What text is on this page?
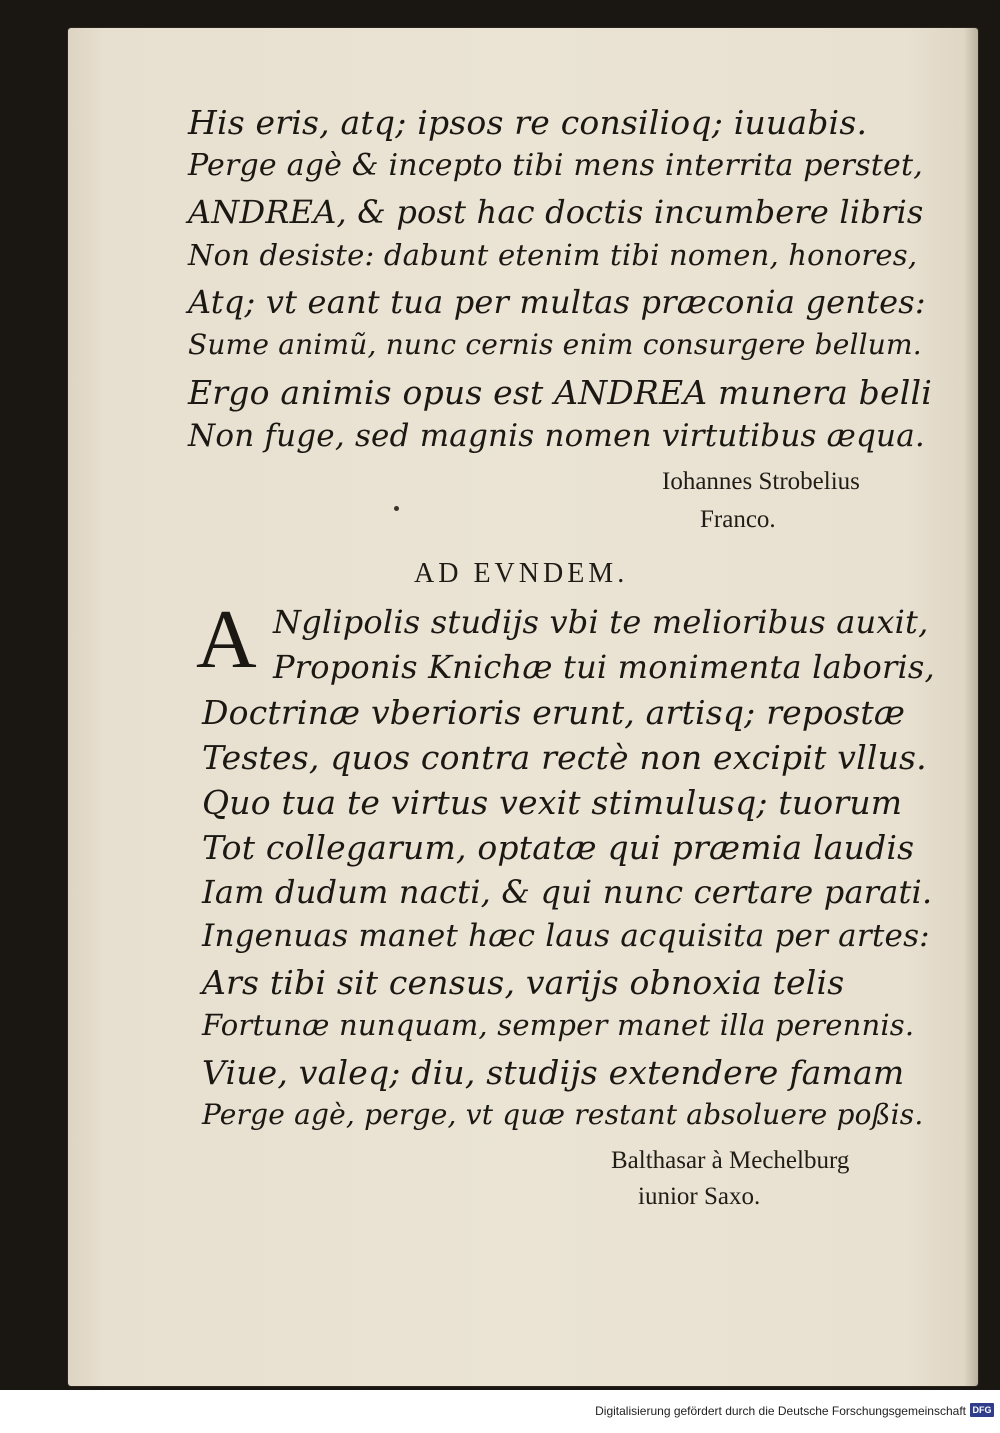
His eris, atq; ipsos re consilioq; iuuabis.
Perge agè & incepto tibi mens interrita perstet,
ANDREA, & post hac doctis incumbere libris
Non desiste: dabunt etenim tibi nomen, honores,
Atq; vt eant tua per multas præconia gentes:
Sume animũ, nunc cernis enim consurgere bellum.
Ergo animis opus est ANDREA munera belli
Non fuge, sed magnis nomen virtutibus æqua.
Iohannes Strobelius
Franco.
AD EVNDEM.
A Nglipolis studijs vbi te melioribus auxit,
Proponis Knichæ tui monimenta laboris,
Doctrinæ vberioris erunt, artisq; repostæ
Testes, quos contra rectè non excipit vllus.
Quo tua te virtus vexit stimulusq; tuorum
Tot collegarum, optatæ qui præmia laudis
Iam dudum nacti, & qui nunc certare parati.
Ingenuas manet hæc laus acquisita per artes:
Ars tibi sit census, varijs obnoxia telis
Fortunæ nunquam, semper manet illa perennis.
Viue, valeq; diu, studijs extendere famam
Perge agè, perge, vt quæ restant absoluere poßis.
Balthasar à Mechelburg
iunior Saxo.
Digitalisierung gefördert durch die Deutsche Forschungsgemeinschaft DFG
